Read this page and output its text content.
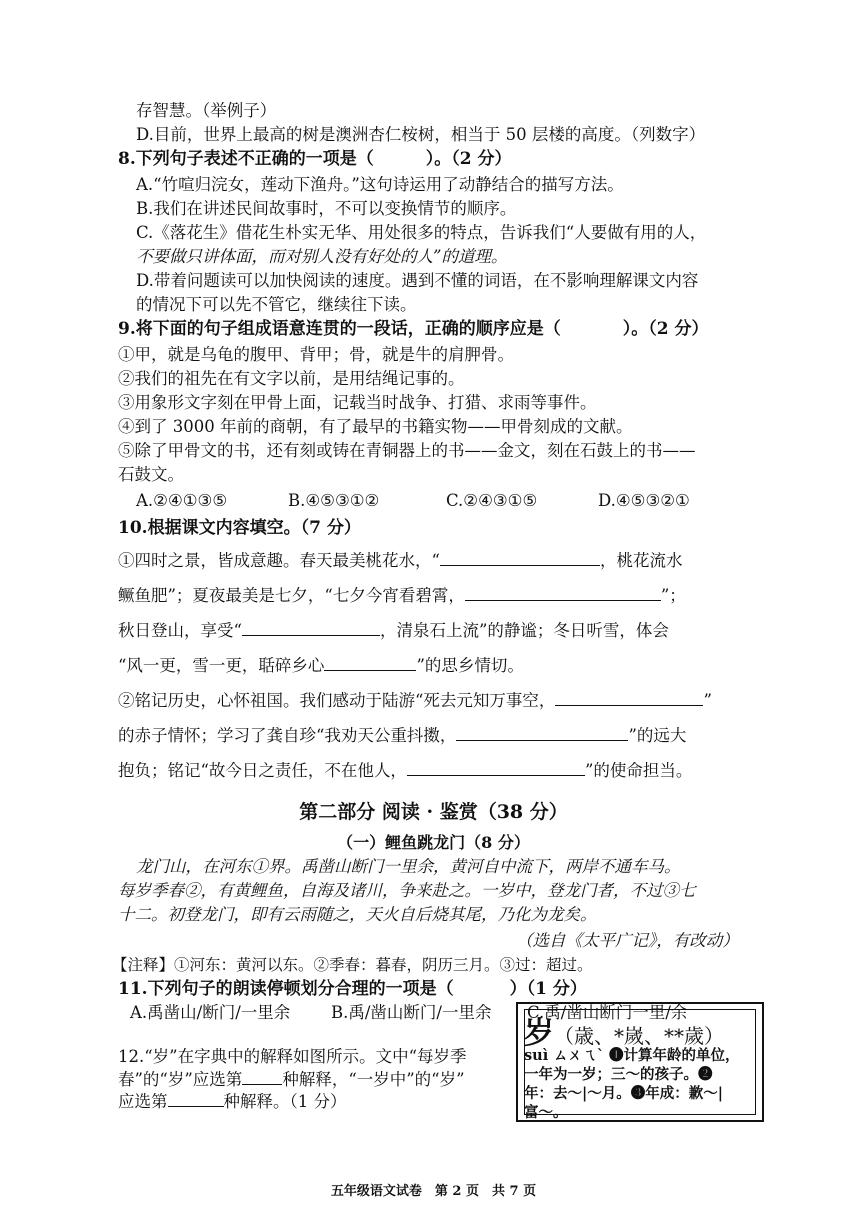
存智慧。（举例子）
D.目前，世界上最高的树是澳洲杏仁桉树，相当于 50 层楼的高度。（列数字）
8.下列句子表述不正确的一项是（	）。（2 分）
A.“竹喧归浣女，莲动下渔舟。”这句诗运用了动静结合的描写方法。
B.我们在讲述民间故事时，不可以变换情节的顺序。
C.《落花生》借花生朴实无华、用处很多的特点，告诉我们“人要做有用的人，
不要做只讲体面，而对别人没有好处的人”的道理。
D.带着问题读可以加快阅读的速度。遇到不懂的词语，在不影响理解课文内容
的情况下可以先不管它，继续往下读。
9.将下面的句子组成语意连贯的一段话，正确的顺序应是（	）。（2 分）
①甲，就是乌龟的腹甲、背甲；骨，就是牛的肩胛骨。
②我们的祖先在有文字以前，是用结绳记事的。
③用象形文字刻在甲骨上面，记载当时战争、打猎、求雨等事件。
④到了 3000 年前的商朝，有了最早的书籍实物——甲骨刻成的文献。
⑤除了甲骨文的书，还有刻或铸在青铜器上的书——金文，刻在石鼓上的书——
石鼓文。
A.②④①③⑤	B.④⑤③①②	C.②④③①⑤	D.④⑤③②①
10.根据课文内容填空。（7 分）
①四时之景，皆成意趣。春天最美桃花水，“	，桃花流水
鳜鱼肥”；夏夜最美是七夕，“七夕今宵看碧霄，	”；
秋日登山，享受“	，清泉石上流”的静谧；冬日听雪，体会
“风一更，雪一更，聒碎乡心	”的思乡情切。
②铭记历史，心怀祖国。我们感动于陆游“死去元知万事空，	”
的赤子情怀；学习了龚自珍“我劝天公重抖擞，	”的远大
抱负；铭记“故今日之责任，不在他人，	”的使命担当。
第二部分 阅读 · 鉴赏（38 分）
（一）鲤鱼跳龙门（8 分）
龙门山，在河东①界。禹凿山断门一里余，黄河自中流下，两岸不通车马。
每岁季春②，有黄鲤鱼，自海及诸川，争来赴之。一岁中，登龙门者，不过③七
十二。初登龙门，即有云雨随之，天火自后烧其尾，乃化为龙矣。
（选自《太平广记》，有改动）
【注释】①河东：黄河以东。②季春：暮春，阴历三月。③过：超过。
11.下列句子的朗读停顿划分合理的一项是（	）（1 分）
A.禹凿山/断门/一里余 B.禹/凿山断门/一里余 C.禹/凿山断门一里/余
12.“岁”在字典中的解释如图所示。文中“每岁季
春”的“岁”应选第 种解释，“一岁中”的“岁”
应选第	种解释。（1 分）
岁（歳、*嵗、**歲）
suì ㄙㄨㄟˋ ❶计算年龄的单位，
一年为一岁；三～的孩子。❷
年：去～|～月。❸年成：歉～|
富～。
五年级语文试卷　第 2 页　共 7 页
